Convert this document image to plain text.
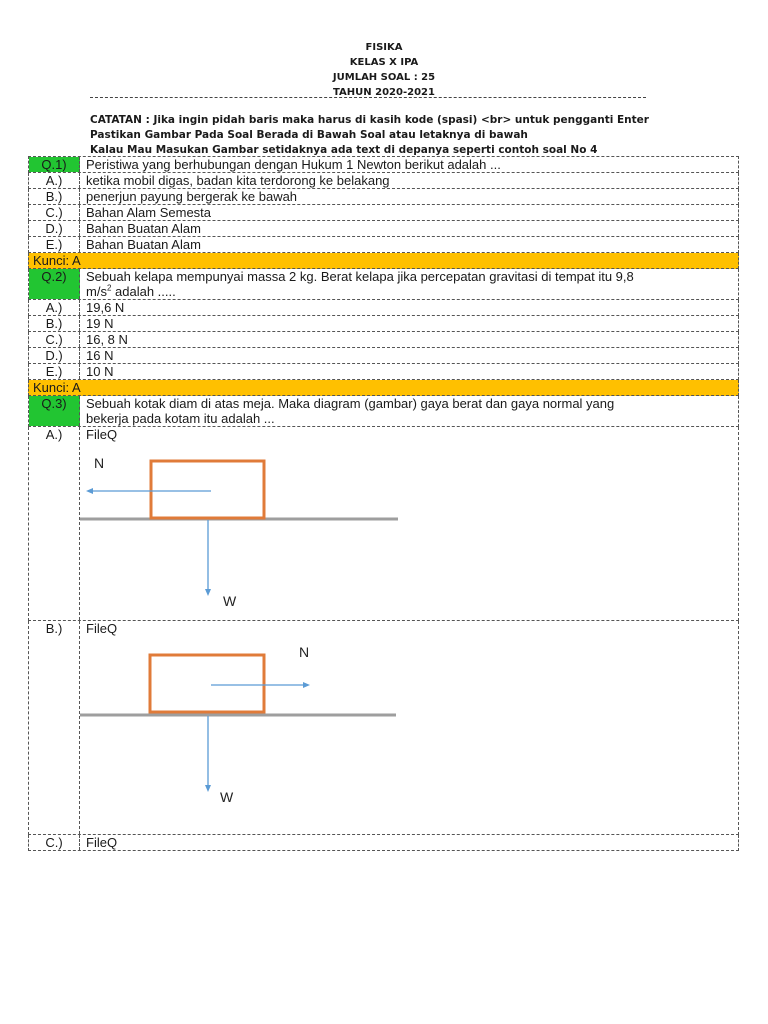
FISIKA
KELAS X IPA
JUMLAH SOAL : 25
TAHUN 2020-2021
CATATAN : Jika ingin pidah baris maka harus di kasih kode (spasi) <br> untuk pengganti Enter
Pastikan Gambar Pada Soal Berada di Bawah Soal atau letaknya di bawah
Kalau Mau Masukan Gambar setidaknya ada text di depanya seperti contoh soal No 4
Q.1)	Peristiwa yang berhubungan dengan Hukum 1 Newton berikut adalah ...
A.)	ketika mobil digas, badan kita terdorong ke belakang
B.)	penerjun payung bergerak ke bawah
C.)	Bahan Alam Semesta
D.)	Bahan Buatan Alam
E.)	Bahan Buatan Alam
Kunci: A
Q.2)	Sebuah kelapa mempunyai massa 2 kg. Berat kelapa jika percepatan gravitasi di tempat itu 9,8
$m/s^2$ adalah .....
A.)	19,6 N
B.)	19 N
C.)	16, 8 N
D.)	16 N
E.)	10 N
Kunci: A
Q.3)	Sebuah kotak diam di atas meja. Maka diagram (gambar) gaya berat dan gaya normal yang
bekerja pada kotam itu adalah ...
A.)	FileQ
N
W
B.)	FileQ
N
W
C.)	FileQ
